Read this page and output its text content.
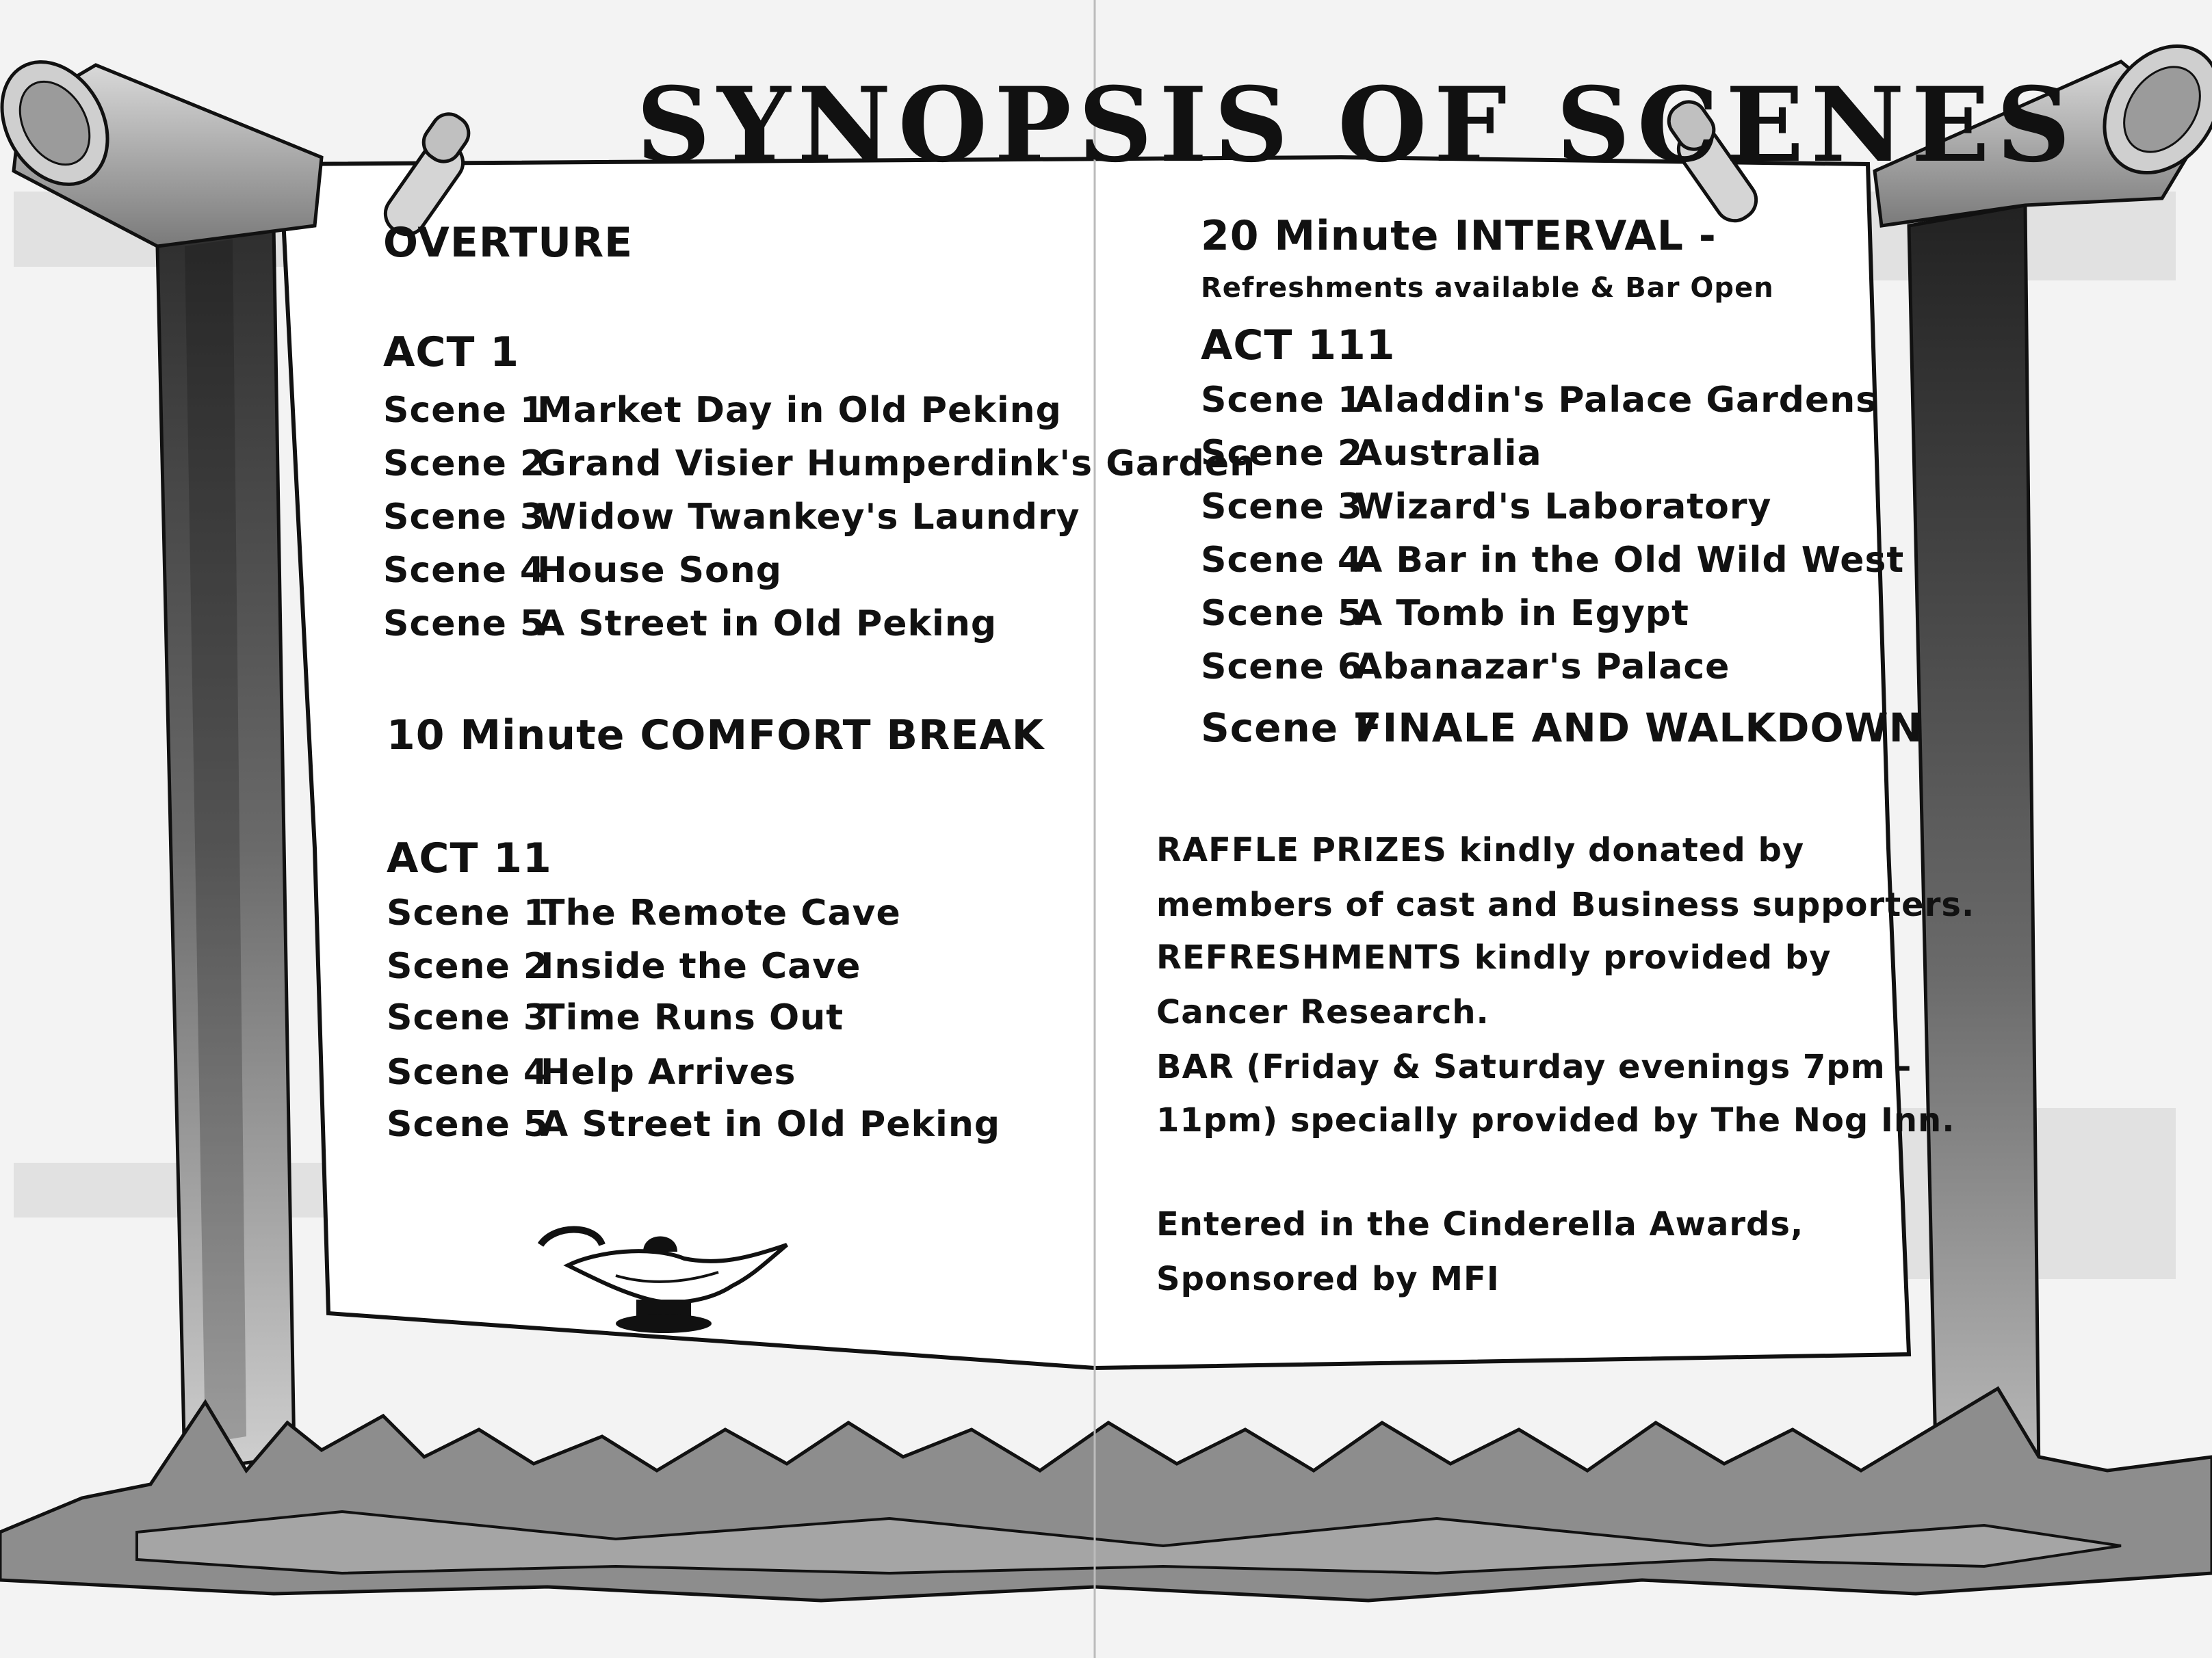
SYNOPSIS OF SCENES
OVERTURE
ACT 1
Scene 1Market Day in Old Peking
Scene 2Grand Visier Humperdink's Garden
Scene 3Widow Twankey's Laundry
Scene 4House Song
Scene 5A Street in Old Peking
10 Minute COMFORT BREAK
ACT 11
Scene 1The Remote Cave
Scene 2Inside the Cave
Scene 3Time Runs Out
Scene 4Help Arrives
Scene 5A Street in Old Peking
20 Minute INTERVAL -
Refreshments available & Bar Open
ACT 111
Scene 1Aladdin's Palace Gardens
Scene 2Australia
Scene 3Wizard's Laboratory
Scene 4A Bar in the Old Wild West
Scene 5A Tomb in Egypt
Scene 6Abanazar's Palace
Scene 7FINALE AND WALKDOWN
RAFFLE PRIZES kindly donated by
members of cast and Business supporters.
REFRESHMENTS kindly provided by
Cancer Research.
BAR (Friday & Saturday evenings 7pm -
11pm) specially provided by The Nog Inn.
Entered in the Cinderella Awards,
Sponsored by MFI
